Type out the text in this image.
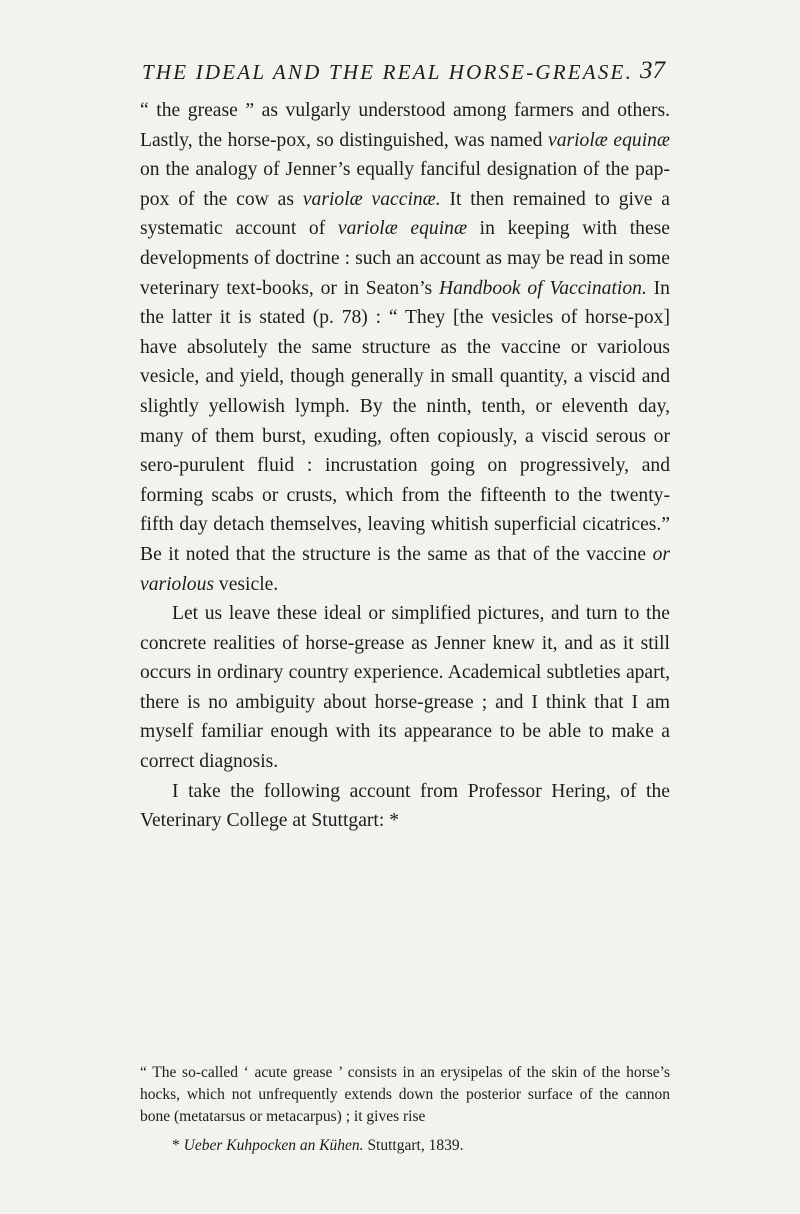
THE IDEAL AND THE REAL HORSE-GREASE. 37

“ the grease ” as vulgarly understood among farmers and others. Lastly, the horse-pox, so distinguished, was named variolæ equinæ on the analogy of Jenner’s equally fanciful designation of the pap-pox of the cow as variolæ vaccinæ. It then remained to give a systematic account of variolæ equinæ in keeping with these developments of doctrine : such an account as may be read in some veterinary text-books, or in Seaton’s Handbook of Vaccination. In the latter it is stated (p. 78) : “ They [the vesicles of horse-pox] have absolutely the same structure as the vaccine or variolous vesicle, and yield, though generally in small quantity, a viscid and slightly yellowish lymph. By the ninth, tenth, or eleventh day, many of them burst, exuding, often copiously, a viscid serous or sero-purulent fluid : incrustation going on progressively, and forming scabs or crusts, which from the fifteenth to the twenty-fifth day detach themselves, leaving whitish superficial cicatrices.” Be it noted that the structure is the same as that of the vaccine or variolous vesicle.

Let us leave these ideal or simplified pictures, and turn to the concrete realities of horse-grease as Jenner knew it, and as it still occurs in ordinary country experience. Academical subtleties apart, there is no ambiguity about horse-grease ; and I think that I am myself familiar enough with its appearance to be able to make a correct diagnosis.

I take the following account from Professor Hering, of the Veterinary College at Stuttgart: *

“ The so-called ‘ acute grease ’ consists in an erysipelas of the skin of the horse’s hocks, which not unfrequently extends down the posterior surface of the cannon bone (metatarsus or metacarpus) ; it gives rise

* Ueber Kuhpocken an Kühen. Stuttgart, 1839.
